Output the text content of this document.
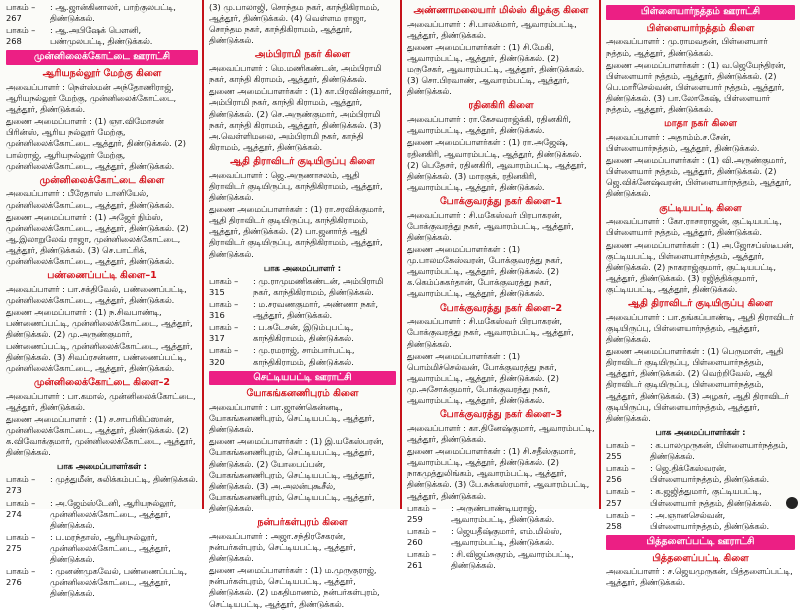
பாகம் – 267
: ஆ.ஜான்கினாலர், பாற்குலபட்டி, திண்டுக்கல்.
பாகம் – 268
: ஆ.அபிஷேக் பெளனி, பண்முலபட்டி, திண்டுக்கல்.
முன்னிலைக்கோட்டை ஊராட்சி
ஆரியநல்லூர் மேற்கு கிளை

அவைப்பாளர் : நெள்ஸ்மன் அந்தோணிராஜ், ஆரியநல்லூர் மேற்கு, முன்னிலைக்கோட்டை, ஆத்தூர், திண்டுக்கல்.

துணை அமைப்பாளர் : (1) ஞா.விமோசன் பிரின்ஸ், ஆரிய நல்லூர் மேற்கு, முன்னிலைக்கோட்டை ஆத்தூர், திண்டுக்கல். (2) பால்ராஜ், ஆரியநல்லூர் மேற்கு, முன்னிலைக்கோட்டை, ஆத்தூர், திண்டுக்கல்.

முன்னிலைக்கோட்டை கிளை

அவைப்பாளர் : பீரேதாஸ் டானியேல், முன்னிலைக்கோட்டை, ஆத்தூர், திண்டுக்கல்.

துணை அமைப்பாளர் : (1) அஜேர் நிம்ஸ், முன்னிலைக்கோட்டை, ஆத்தூர், திண்டுக்கல். (2) ஆ.இலாறுலேவ் ராஜா, முன்னிலைக்கோட்டை, ஆத்தூர், திண்டுக்கல். (3) செ.பாட்ரிக், முன்னிலைக்கோட்டை, ஆத்தூர், திண்டுக்கல்.

பண்ணைப்பட்டி கிளை–1

அவைப்பாளர் : பா.சக்திவேல், பண்ணைப்பட்டி, முன்னிலைக்கோட்டை, ஆத்தூர், திண்டுக்கல்.

துணை அமைப்பாளர் : (1) ந.சிவபாண்டி, பண்ணைப்பட்டி, முன்னிலைக்கோட்டை, ஆத்தூர், திண்டுக்கல். (2) மு.அருண்குமார், பண்ணைப்பட்டி, முன்னிலைக்கோட்டை, ஆத்தூர், திண்டுக்கல். (3) சிவப்ரசன்னா, பண்ணைப்பட்டி, முன்னிலைக்கோட்டை, ஆத்தூர், திண்டுக்கல்.

முன்னிலைக்கோட்டை கிளை–2

அவைப்பாளர் : பா.கமால், முன்னிலைக்கோட்டை, ஆத்தூர், திண்டுக்கல்.

துணை அமைப்பாளர் : (1) ச.சாபரிகிப்ஸான், முன்னிலைக்கோட்டை, ஆத்தூர், திண்டுக்கல். (2) க.விவோக்குமார், முன்னிலைக்கோட்டை, ஆத்தூர், திண்டுக்கல்.

பாக அமைப்பாளர்கள் :
பாகம் – 273
: முத்துமீன், சுலிக்கம்பட்டி, திண்டுக்கல்.
பாகம் – 274
: அ.ஜேம்ஸ்டேனி, ஆரியநல்லூர், முன்னிலைக்கோட்டை, ஆத்தூர், திண்டுக்கல்.
பாகம் – 275
: ப.மரந்தாஸ், ஆரியநல்லூர், முன்னிலைக்கோட்டை, ஆத்தூர், திண்டுக்கல்.
பாகம் – 276
: முனண்முகவேல், பண்ணைப்பட்டி, முன்னிலைக்கோட்டை, ஆத்தூர், திண்டுக்கல்.

(3) மு.பாலாஜி, சொந்தம நகர், காந்திகிராமம், ஆத்தூர், திண்டுக்கல். (4) வெள்ளம ராஜா, சொந்தம நகர், காந்திகிராமம், ஆத்தூர், திண்டுக்கல்.

அம்பிராமி நகர் கிளை

அவைப்பாளர் : மெ.மணிகண்டன், அம்பிராமி நகர், காந்தி கிராமம், ஆத்தூர், திண்டுக்கல்.

துணை அமைப்பாளர்கள் : (1) கா.பிரவின்குமார், அம்பிராமி நகர், காந்தி கிராமம், ஆத்தூர், திண்டுக்கல். (2) செ.அருண்குமார், அம்பிராமி நகர், காந்தி கிராமம், ஆத்தூர், திண்டுக்கல். (3) அ.வெள்ளிமலை, அம்பிராமி நகர், காந்தி கிராமம், ஆத்தூர், திண்டுக்கல்.

ஆதி திராவிடர் குடியிருப்பு கிளை

அவைப்பாளர் : ஜெ.அருணாசலம், ஆதி திராவிடர் குடியிருப்பு, காந்திகிராமம், ஆத்தூர், திண்டுக்கல்.

துணை அமைப்பாளர்கள் : (1) ரா.சரவிக்குமார், ஆதி திராவிடர் குடியிருப்பு, காந்திகிராமம், ஆத்தூர், திண்டுக்கல். (2) பா.ஜனார்த் ஆதி திராவிடர் குடியிருப்பு, காந்திகிராமம், ஆத்தூர், திண்டுக்கல்.

பாக அமைப்பாளர் :
பாகம் – 315
: மு.ராமுமணிகண்டன், அம்பிராமி நகர், காந்திகிராமம், திண்டுக்கல்.
பாகம் – 316
: ம.சரவணகுமார், அண்ணா நகர், ஆத்தூர், திண்டுக்கல்.
பாகம் – 317
: ப.சுடேசன், இடும்புபட்டி, காந்திகிராமம், திண்டுக்கல்.
பாகம் – 320
: மு.ரமராஜ், சாம்பார்பட்டி, காந்திகிராமம், திண்டுக்கல்.
செட்டியபட்டி ஊராட்சி
யோகங்கனணிபுரம் கிளை

அவைப்பாளர் : பா.ஜாண்கென்னடி, யோகங்கனணிபுரம், செட்டியபட்டி, ஆத்தூர், திண்டுக்கல்.

துணை அமைப்பாளர்கள் : (1) இ.யகேஸ்பரன், யோகங்கனணிபுரம், செட்டியபட்டி, ஆத்தூர், திண்டுக்கல். (2) யோபைப்பன், யோகங்கனணிபுரம், செட்டியபட்டி, ஆத்தூர், திண்டுக்கல். (3) அ.அலன்புகூசீல், யோகங்கனணிபுரம், செட்டியபட்டி, ஆத்தூர், திண்டுக்கல்.

நன்பர்கள்புரம் கிளை

அவைப்பாளர் : அஜா.சந்திரசேகரன், நன்பர்கள்புரம், செட்டியபட்டி, ஆத்தூர், திண்டுக்கல்.

துணை அமைப்பாளர்கள் : (1) ம.முருகுராஜ், நன்பர்கள்புரம், செட்டியபட்டி, ஆத்தூர், திண்டுக்கல். (2) மகதிமாணம், நன்பர்கள்புரம், செட்டியபட்டி, ஆத்தூர், திண்டுக்கல்.

அண்ணாமலையார் மில்ஸ் கிழக்கு கிளை

அவைப்பாளர் : சி.பாலக்மார், ஆவாரம்பட்டி, ஆத்தூர், திண்டுக்கல்.

துணை அமைப்பாளர்கள் : (1) சி.மேகி, ஆவாரம்பட்டி, ஆத்தூர், திண்டுக்கல். (2) மருசேகர், ஆவாரம்பட்டி, ஆத்தூர், திண்டுக்கல். (3) சொ.பிரவாண், ஆவாரம்பட்டி, ஆத்தூர், திண்டுக்கல்.

ரதினகிரி கிளை

அவைப்பாளர் : ரா.கேசவராஜ்க்கி, ரதினகிரி, ஆவாரம்பட்டி, ஆத்தூர், திண்டுக்கல்.

துணை அமைப்பாளர்கள் : (1) ரா.அஜேஷ், ரதினகிரி, ஆவாரம்பட்டி, ஆத்தூர், திண்டுக்கல். (2) பெதேசர், ரதினகிரி, ஆவாரம்பட்டி, ஆத்தூர், திண்டுக்கல். (3) மாரகுக், ரதினகிரி, ஆவாரம்பட்டி, ஆத்தூர், திண்டுக்கல்.

போக்குவரத்து நகர் கிளை–1

அவைப்பாளர் : சி.மகேஸ்வர் பிரபாகரன், போக்குவரத்து நகர், ஆவாரம்பட்டி, ஆத்தூர், திண்டுக்கல்.

துணை அமைப்பாளர்கள் : (1) மு.பாலமகேஸ்வரன், போக்குவரத்து நகர், ஆவாரம்பட்டி, ஆத்தூர், திண்டுக்கல். (2) க.கெம்ப்சுகர்தான், போக்குவரத்து நகர், ஆவாரம்பட்டி, ஆத்தூர், திண்டுக்கல்.

போக்குவரத்து நகர் கிளை–2

அவைப்பாளர் : சி.மகேஸ்வர் பிரபாகரன், போக்குவரத்து நகர், ஆவாரம்பட்டி, ஆத்தூர், திண்டுக்கல்.

துணை அமைப்பாளர்கள் : (1) பொம்மிச்செல்வன், போக்குவரத்து நகர், ஆவாரம்பட்டி, ஆத்தூர், திண்டுக்கல். (2) மு.அசோக்குமார், போக்குவரத்து நகர், ஆவாரம்பட்டி, ஆத்தூர், திண்டுக்கல்.

போக்குவரத்து நகர் கிளை–3

அவைப்பாளர் : கா.தினேஷ்குமார், ஆவாரம்பட்டி, ஆத்தூர், திண்டுக்கல்.

துணை அமைப்பாளர்கள் : (1) சி.சதீஸ்குமார், ஆவாரம்பட்டி, ஆத்தூர், திண்டுக்கல். (2) நாகமுத்துலிங்கம், ஆவாரம்பட்டி, ஆத்தூர், திண்டுக்கல். (3) பே.சுக்கஸ்ரமார், ஆவாரம்பட்டி, ஆத்தூர், திண்டுக்கல்.

பாகம் – 259
: அருண்பாண்டியராஜ், ஆவாரம்பட்டி, திண்டுக்கல்.
பாகம் – 260
: ஜெயதீஷ்குமார், எம்.மில்ஸ், ஆவாரம்பட்டி, திண்டுக்கல்.
பாகம் – 261
: சி.விஜய்சுகுரம், ஆவாரம்பட்டி, திண்டுக்கல்.
பிள்ளையார்நத்தம் ஊராட்சி
பிள்ளையார்நத்தம் கிளை

அவைப்பாளர் : மு.ராமவதன், பிள்ளையார் நத்தம், ஆத்தூர், திண்டுக்கல்.

துணை அமைப்பாளர்கள் : (1) வ.ஜெயேந்திரன், பிள்ளையார் நத்தம், ஆத்தூர், திண்டுக்கல். (2) பெ.மாரீசெல்வன், பிள்ளையார் நத்தம், ஆத்தூர், திண்டுக்கல். (3) பா.லோகேஷ், பிள்ளையார் நத்தம், ஆத்தூர், திண்டுக்கல்.

மாதா நகர் கிளை

அவைப்பாளர் : அதாம்ம்.ச.சேன், பிள்ளையார்நத்தம், ஆத்தூர், திண்டுக்கல்.

துணை அமைப்பாளர்கள் : (1) வி.அருண்குமார், பிள்ளையார் நத்தம், ஆத்தூர், திண்டுக்கல். (2) ஜெ.விக்னேஷ்வரன், பிள்ளையார்நத்தம், ஆத்தூர், திண்டுக்கல்.

குட்டியபட்டி கிளை

அவைப்பாளர் : கோ.ராசாராஜன், குட்டியபட்டி, பிள்ளையார் நத்தம், ஆத்தூர், திண்டுக்கல்.

துணை அமைப்பாளர்கள் : (1) அ.ஜோசப்ஸ்டீபன், குட்டியபட்டி, பிள்ளையார்நத்தம், ஆத்தூர், திண்டுக்கல். (2) நாகராஜ்குமார், குட்டியபட்டி, ஆத்தூர், திண்டுக்கல். (3) ரஜித்திக்குமார், குட்டியபட்டி, ஆத்தூர், திண்டுக்கல்.

ஆதி திராவிடர் குடியிருப்பு கிளை

அவைப்பாளர் : பா.தங்கப்பாண்டி, ஆதி திராவிடர் குடியிருப்பு, பிள்ளையார்நத்தம், ஆத்தூர், திண்டுக்கல்.

துணை அமைப்பாளர்கள் : (1) பெருமாள், ஆதி திராவிடர் குடியிருப்பு, பிள்ளையார்நத்தம், ஆத்தூர், திண்டுக்கல். (2) வெற்றிவேல், ஆதி திராவிடர் குடியிருப்பு, பிள்ளையார்நத்தம், ஆத்தூர், திண்டுக்கல். (3) அழகர், ஆதி திராவிடர் குடியிருப்பு, பிள்ளையார்நத்தம், ஆத்தூர், திண்டுக்கல்.

பாக அமைப்பாளர்கள் :
பாகம் – 255
: க.பாலமுருகன், பிள்ளையார்நத்தம், திண்டுக்கல்.
பாகம் – 256
: ஜெ.திக்கேஸ்வரன், பிள்ளையார்நத்தம், திண்டுக்கல்.
பாகம் – 257
: க.ஜஜித்துமார், குட்டியபட்டி, பிள்ளையார் நத்தம், திண்டுக்கல்.
பாகம் – 258
: அ.ஞானசெல்வன், பிள்ளையார்நத்தம், திண்டுக்கல்.
பித்தளைப்பட்டி ஊராட்சி
பித்தளைப்பட்டி கிளை

அவைப்பாளர் : ச.ஜெயமுருகன், பித்தளைப்பட்டி, ஆத்தூர், திண்டுக்கல்.
